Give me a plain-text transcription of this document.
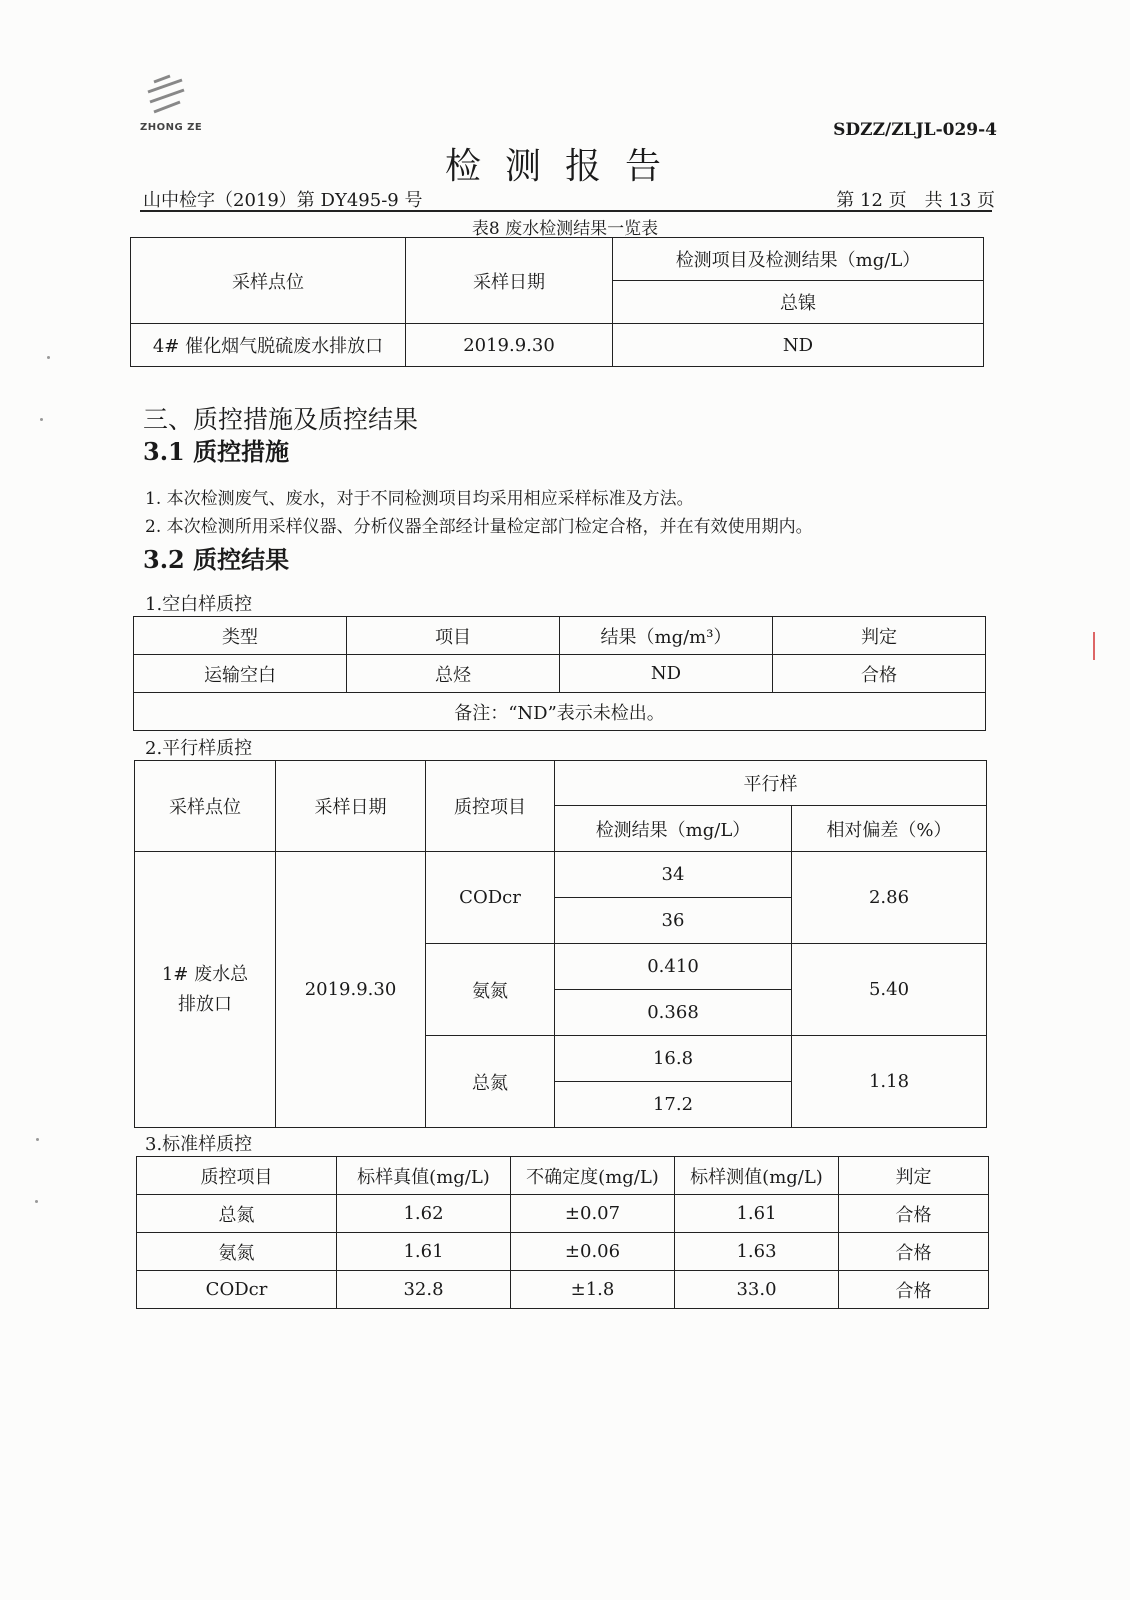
ZHONG ZE	SDZZ/ZLJL-029-4
检测报告
山中检字（2019）第 DY495-9 号	第 12 页　共 13 页
表8 废水检测结果一览表
采样点位	采样日期	检测项目及检测结果（mg/L）
		总镍
4# 催化烟气脱硫废水排放口	2019.9.30	ND
三、质控措施及质控结果
3.1 质控措施
1. 本次检测废气、废水，对于不同检测项目均采用相应采样标准及方法。
2. 本次检测所用采样仪器、分析仪器全部经计量检定部门检定合格，并在有效使用期内。
3.2 质控结果
1.空白样质控
类型	项目	结果（mg/m³）	判定
运输空白	总烃	ND	合格
备注：“ND”表示未检出。			
2.平行样质控
采样点位	采样日期	质控项目	平行样	
			检测结果（mg/L）	相对偏差（%）

1# 废水总排放口	2019.9.30	CODcr	34	2.86
			36	
		氨氮	0.410	5.40
			0.368	
		总氮	16.8	1.18
			17.2	
3.标准样质控
质控项目	标样真值(mg/L)	不确定度(mg/L)	标样测值(mg/L)	判定
总氮	1.62	±0.07	1.61	合格
氨氮	1.61	±0.06	1.63	合格
CODcr	32.8	±1.8	33.0	合格
